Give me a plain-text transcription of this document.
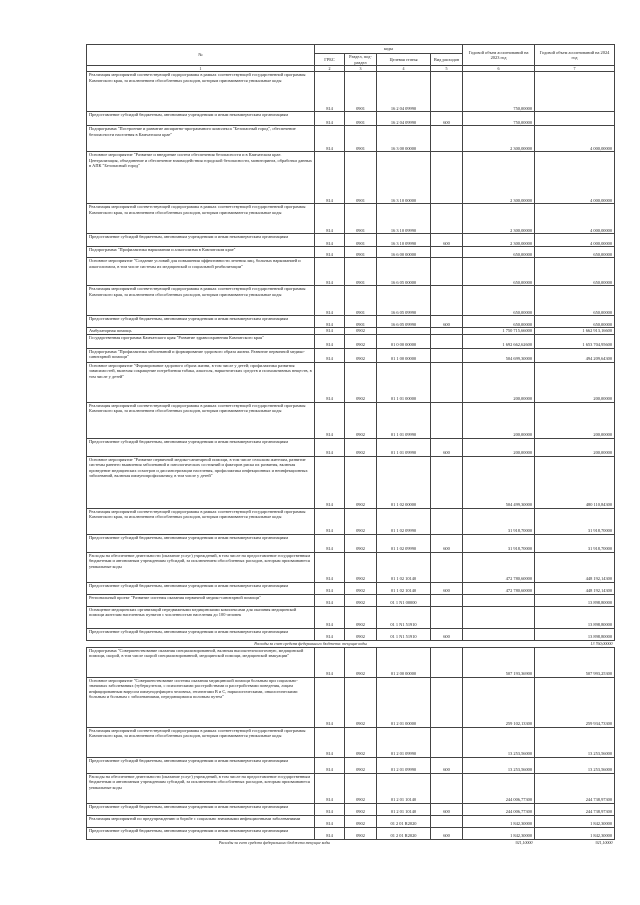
№	коды				Годовой объем ассигнований на 2023 год	Годовой объем ассигнований на 2024 год
	ГРБС	Раздел, под-раздел	Целевая статья	Вид расходов		
1	2	3	4	5	6	7
Реализация мероприятий соответствующей подпрограммы в рамках соответствующей государственной программы Камчатского края, за исключением обособленных расходов, которым присваиваются уникальные коды	814	0901	16 2 04 09990		750,00000	
Предоставление субсидий бюджетным, автономным учреждениям и иным некоммерческим организациям	814	0901	16 2 04 09990	600	750,00000	
Подпрограмма "Построение и развитие аппаратно-программного комплекса "Безопасный город", обеспечение безопасности населения в Камчатском крае"	814	0901	16 3 00 00000		2 300,00000	4 000,00000
Основное мероприятие "Развитие и внедрение систем обеспечения безопасности и в Камчатском крае. Централизация, объединение и обеспечение взаимодействия городской безопасности, мониторинга, обработки данных в АПК "Безопасный город"	814	0901	16 3 10 00000		2 300,00000	4 000,00000
Реализация мероприятий соответствующей подпрограммы в рамках соответствующей государственной программы Камчатского края, за исключением обособленных расходов, которым присваиваются уникальные коды	814	0901	16 3 10 09990		2 300,00000	4 000,00000
Предоставление субсидий бюджетным, автономным учреждениям и иным некоммерческим организациям	814	0901	16 3 10 09990	600	2 300,00000	4 000,00000
Подпрограмма "Профилактика наркомании и алкоголизма в Камчатском крае"	814	0901	16 6 00 00000		650,00000	650,00000
Основное мероприятие "Создание условий для повышения эффективности лечения лиц, больных наркоманией и алкоголизмом, в том числе системы их медицинской и социальной реабилитации"	814	0901	16 6 05 00000		650,00000	650,00000
Реализация мероприятий соответствующей подпрограммы в рамках соответствующей государственной программы Камчатского края, за исключением обособленных расходов, которым присваиваются уникальные коды	814	0901	16 6 05 09990		650,00000	650,00000
Предоставление субсидий бюджетным, автономным учреждениям и иным некоммерческим организациям	814	0901	16 6 05 09990	600	650,00000	650,00000
Амбулаторная помощь	814	0902			1 750 715,66000	1 662 913,16600
Государственная программа Камчатского края "Развитие здравоохранения Камчатского края"	814	0902	01 0 00 00000		1 692 662,62600	1 653 704,95600
Подпрограмма "Профилактика заболеваний и формирование здорового образа жизни. Развитие первичной медико-санитарной помощи"	814	0902	01 1 00 00000		504 699,30000	494 209,64300
Основное мероприятие "Формирование здорового образа жизни, в том числе у детей; профилактика развития зависимостей, включая сокращение потребления табака, алкоголя, наркотических средств и психоактивных веществ, в том числе у детей"	814	0902	01 1 01 00000		200,00000	200,00000
Реализация мероприятий соответствующей подпрограммы в рамках соответствующей государственной программы Камчатского края, за исключением обособленных расходов, которым присваиваются уникальные коды	814	0902	01 1 01 09990		200,00000	200,00000
Предоставление субсидий бюджетным, автономным учреждениям и иным некоммерческим организациям	814	0902	01 1 01 09990	600	200,00000	200,00000
Основное мероприятие "Развитие первичной медико-санитарной помощи, в том числе сельским жителям, развитие системы раннего выявления заболеваний и патологических состояний и факторов риска их развития, включая проведение медицинских осмотров и диспансеризации населения, профилактика инфекционных и неинфекционных заболеваний, включая иммунопрофилактику, в том числе у детей"	814	0902	01 1 02 00000		504 499,30000	480 110,84300
Реализация мероприятий соответствующей подпрограммы в рамках соответствующей государственной программы Камчатского края, за исключением обособленных расходов, которым присваиваются уникальные коды	814	0902	01 1 02 09990		31 918,70000	31 918,70000
Предоставление субсидий бюджетным, автономным учреждениям и иным некоммерческим организациям	814	0902	01 1 02 09990	600	31 918,70000	31 918,70000
Расходы на обеспечение деятельности (оказание услуг) учреждений, в том числе на предоставление государственным бюджетным и автономным учреждениям субсидий, за исключением обособленных расходов, которым присваиваются уникальные коды	814	0902	01 1 02 10140		472 780,60000	448 192,14300
Предоставление субсидий бюджетным, автономным учреждениям и иным некоммерческим организациям	814	0902	01 1 02 10140	600	472 780,60000	448 192,14300
Региональный проект "Развитие системы оказания первичной медико-санитарной помощи"	814	0902	01 1 N1 00000			13 898,80000
Оснащение медицинских организаций передвижными медицинскими комплексами для оказания медицинской помощи жителям населенных пунктов с численностью населения до 100 человек	814	0902	01 1 N1 51910			13 898,80000
Предоставление субсидий бюджетным, автономным учреждениям и иным некоммерческим организациям	814	0902	01 1 N1 51910	600		13 898,80000
Расходы за счет средств федерального бюджета: текущие коды						13 760,00000
Подпрограмма "Совершенствование оказания специализированной, включая высокотехнологичную, медицинской помощи, скорой, в том числе скорой специализированной, медицинской помощи, медицинской эвакуации"	814	0902	01 2 00 00000		507 193,36900	507 993,25300
Основное мероприятие "Совершенствование системы оказания медицинской помощи больным при социально-значимых заболеваниях (туберкулезом, с психическими расстройствами и расстройствами поведения, лицам инфицированным вирусом иммунодефицита человека, гепатитами В и С, наркологическими, онкологическими больным и больным с заболеваниями, передающимися половым путем"	814	0902	01 2 01 00000		259 102,13300	259 934,73300
Реализация мероприятий соответствующей подпрограммы в рамках соответствующей государственной программы Камчатского края, за исключением обособленных расходов, которым присваиваются уникальные коды	814	0902	01 2 01 09990		13 253,56000	13 253,56000
Предоставление субсидий бюджетным, автономным учреждениям и иным некоммерческим организациям	814	0902	01 2 01 09990	600	13 253,56000	13 253,56000
Расходы на обеспечение деятельности (оказание услуг) учреждений, в том числе на предоставление государственным бюджетным и автономным учреждениям субсидий, за исключением обособленных расходов, которым присваиваются уникальные коды	814	0902	01 2 01 10140		244 006,77300	244 738,97300
Предоставление субсидий бюджетным, автономным учреждениям и иным некоммерческим организациям	814	0902	01 2 01 10140	600	244 006,77300	244 738,97300
Реализация мероприятий по предупреждению и борьбе с социально значимыми инфекционными заболеваниями	814	0902	01 2 01 R2020		1 842,30000	1 842,30000
Предоставление субсидий бюджетным, автономным учреждениям и иным некоммерческим организациям	814	0902	01 2 01 R2020	600	1 842,30000	1 842,30000
Расходы за счет средств федерального бюджета текущие коды					921,10000	921,10000
